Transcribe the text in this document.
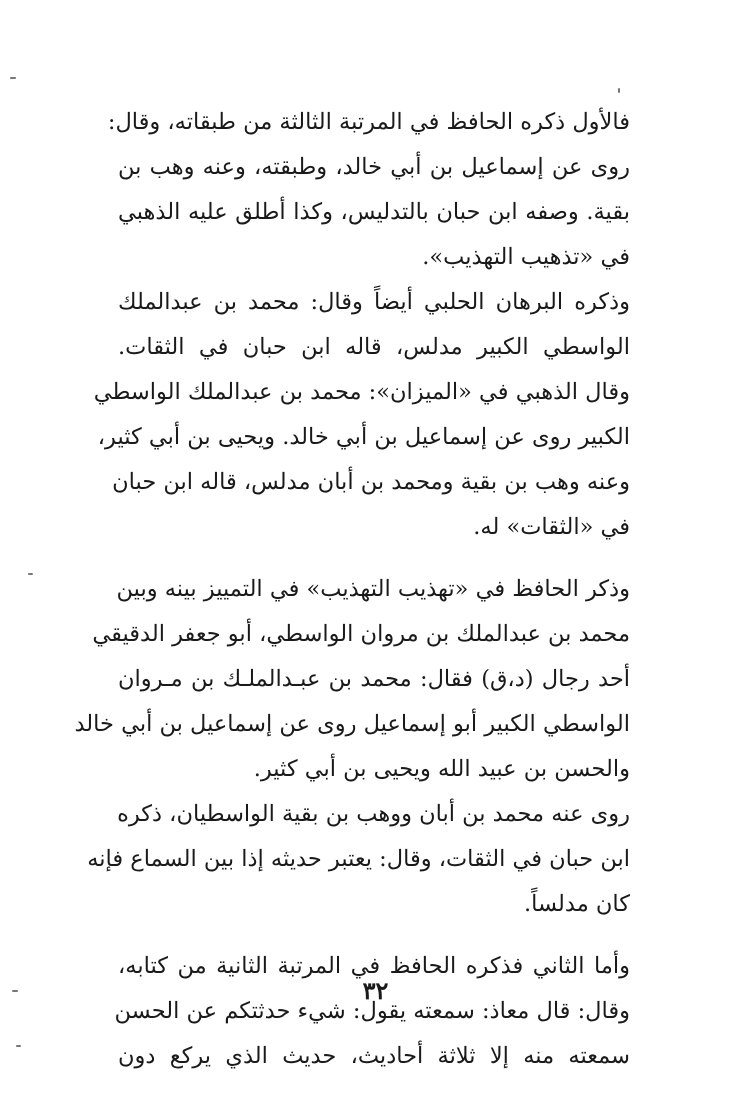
فالأول ذكره الحافظ في المرتبة الثالثة من طبقاته، وقال:
روى عن إسماعيل بن أبي خالد، وطبقته، وعنه وهب بن
بقية. وصفه ابن حبان بالتدليس، وكذا أطلق عليه الذهبي
في «تذهيب التهذيب».
وذكره البرهان الحلبي أيضاً وقال: محمد بن عبدالملك
الواسطي الكبير مدلس، قاله ابن حبان في الثقات.
وقال الذهبي في «الميزان»: محمد بن عبدالملك الواسطي
الكبير روى عن إسماعيل بن أبي خالد. ويحيى بن أبي كثير،
وعنه وهب بن بقية ومحمد بن أبان مدلس، قاله ابن حبان
في «الثقات» له.
وذكر الحافظ في «تهذيب التهذيب» في التمييز بينه وبين
محمد بن عبدالملك بن مروان الواسطي، أبو جعفر الدقيقي
أحد رجال (د،ق) فقال: محمد بن عبـدالملـك بن مـروان
الواسطي الكبير أبو إسماعيل روى عن إسماعيل بن أبي خالد
والحسن بن عبيد الله ويحيى بن أبي كثير.
روى عنه محمد بن أبان ووهب بن بقية الواسطيان، ذكره
ابن حبان في الثقات، وقال: يعتبر حديثه إذا بين السماع فإنه
كان مدلساً.
وأما الثاني فذكره الحافظ في المرتبة الثانية من كتابه،
وقال: قال معاذ: سمعته يقول: شيء حدثتكم عن الحسن
سمعته منه إلا ثلاثة أحاديث، حديث الذي يركع دون
٣٢
